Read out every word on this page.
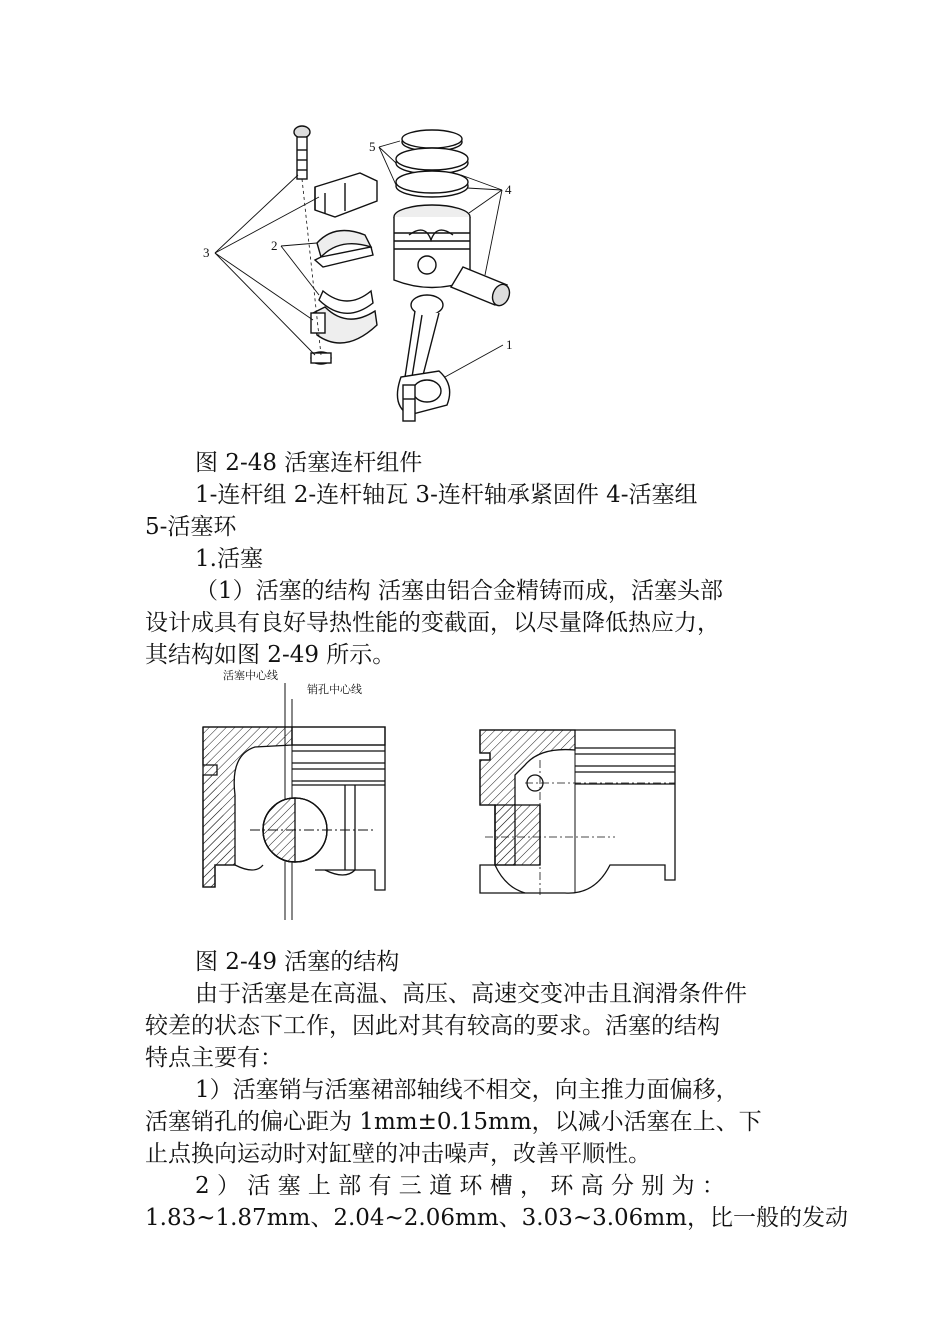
3	2
5
4
1
图 2-48 活塞连杆组件
1-连杆组 2-连杆轴瓦 3-连杆轴承紧固件 4-活塞组
5-活塞环
1.活塞
（1）活塞的结构 活塞由铝合金精铸而成，活塞头部
设计成具有良好导热性能的变截面，以尽量降低热应力，
其结构如图 2-49 所示。
活塞中心线
销孔中心线
图 2-49 活塞的结构
由于活塞是在高温、高压、高速交变冲击且润滑条件件
较差的状态下工作，因此对其有较高的要求。活塞的结构
特点主要有：
1）活塞销与活塞裙部轴线不相交，向主推力面偏移，
活塞销孔的偏心距为 1mm±0.15mm，以减小活塞在上、下
止点换向运动时对缸壁的冲击噪声，改善平顺性。
2 ） 活 塞 上 部 有 三 道 环 槽 ， 环 高 分 别 为 ：
1.83~1.87mm、2.04~2.06mm、3.03~3.06mm，比一般的发动
